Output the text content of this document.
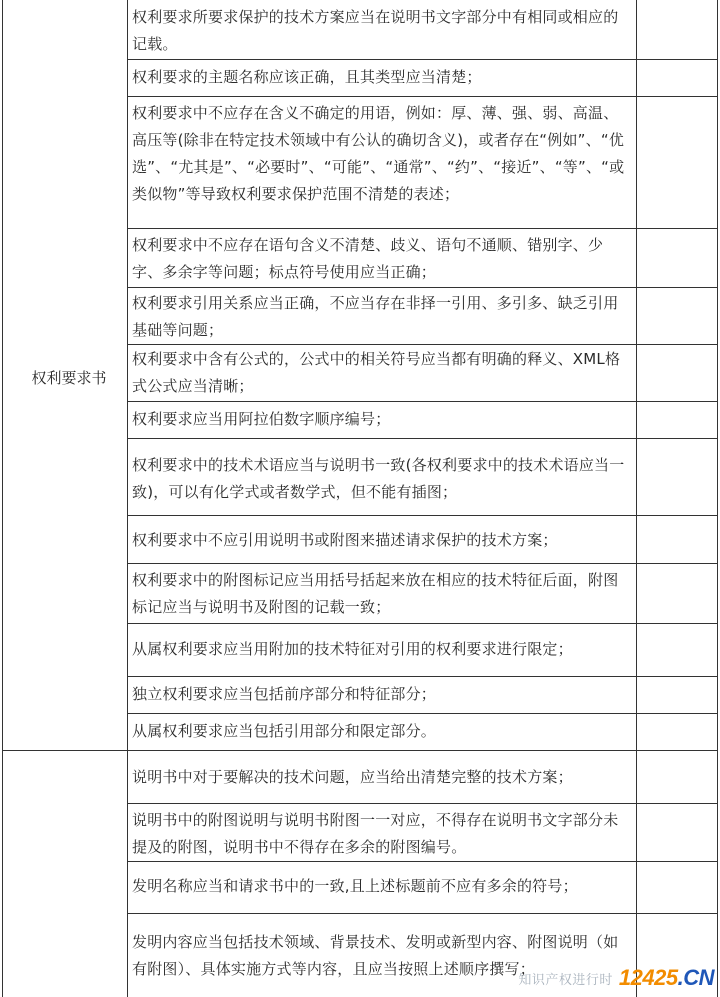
权利要求书
权利要求所要求保护的技术方案应当在说明书文字部分中有相同或相应的记载。
权利要求的主题名称应该正确，且其类型应当清楚；
权利要求中不应存在含义不确定的用语，例如：厚、薄、强、弱、高温、高压等(除非在特定技术领域中有公认的确切含义)，或者存在“例如”、“优选”、“尤其是”、“必要时”、“可能”、“通常”、“约”、“接近”、“等”、“或类似物”等导致权利要求保护范围不清楚的表述；
权利要求中不应存在语句含义不清楚、歧义、语句不通顺、错别字、少字、多余字等问题；标点符号使用应当正确；
权利要求引用关系应当正确，不应当存在非择一引用、多引多、缺乏引用基础等问题；
权利要求中含有公式的，公式中的相关符号应当都有明确的释义、XML格式公式应当清晰；
权利要求应当用阿拉伯数字顺序编号；
权利要求中的技术术语应当与说明书一致(各权利要求中的技术术语应当一致)，可以有化学式或者数学式，但不能有插图；
权利要求中不应引用说明书或附图来描述请求保护的技术方案；
权利要求中的附图标记应当用括号括起来放在相应的技术特征后面，附图标记应当与说明书及附图的记载一致；
从属权利要求应当用附加的技术特征对引用的权利要求进行限定；
独立权利要求应当包括前序部分和特征部分；
从属权利要求应当包括引用部分和限定部分。
说明书中对于要解决的技术问题，应当给出清楚完整的技术方案；
说明书中的附图说明与说明书附图一一对应，不得存在说明书文字部分未提及的附图，说明书中不得存在多余的附图编号。
发明名称应当和请求书中的一致,且上述标题前不应有多余的符号；
发明内容应当包括技术领域、背景技术、发明或新型内容、附图说明（如有附图）、具体实施方式等内容，且应当按照上述顺序撰写；
知识产权进行时 12425.CN
